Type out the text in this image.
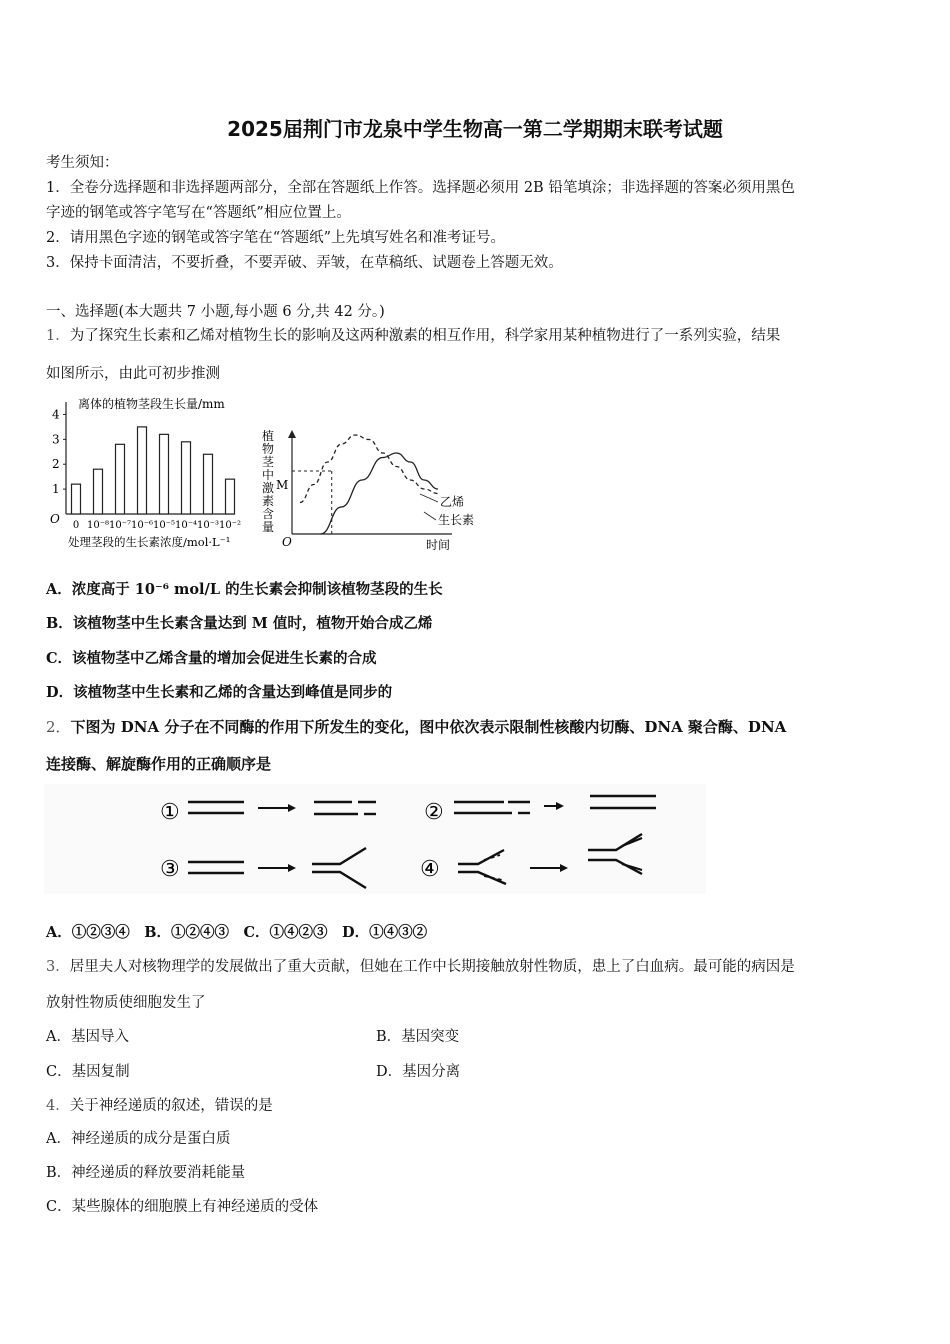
2025届荆门市龙泉中学生物高一第二学期期末联考试题
考生须知：
1．全卷分选择题和非选择题两部分，全部在答题纸上作答。选择题必须用 2B 铅笔填涂；非选择题的答案必须用黑色
字迹的钢笔或答字笔写在“答题纸”相应位置上。
2．请用黑色字迹的钢笔或答字笔在“答题纸”上先填写姓名和准考证号。
3．保持卡面清洁，不要折叠，不要弄破、弄皱，在草稿纸、试题卷上答题无效。
一、选择题(本大题共 7 小题,每小题 6 分,共 42 分。)
1．为了探究生长素和乙烯对植物生长的影响及这两种激素的相互作用，科学家用某种植物进行了一系列实验，结果
如图所示，由此可初步推测
离体的植物茎段生长量/mm
O
处理茎段的生长素浓度/mol·L⁻¹
1
2
3
4
0 10⁻⁸ 10⁻⁷ 10⁻⁶ 10⁻⁵ 10⁻⁴ 10⁻³ 10⁻²
O	时间
M
植
物
茎
中
激
素
含
量
乙烯
生长素
A．浓度高于 10⁻⁶ mol/L 的生长素会抑制该植物茎段的生长
B．该植物茎中生长素含量达到 M 值时，植物开始合成乙烯
C．该植物茎中乙烯含量的增加会促进生长素的合成
D．该植物茎中生长素和乙烯的含量达到峰值是同步的
2．下图为 DNA 分子在不同酶的作用下所发生的变化，图中依次表示限制性核酸内切酶、DNA 聚合酶、DNA
连接酶、解旋酶作用的正确顺序是
①	②
③	④
A．①②③④　B．①②④③　C．①④②③　D．①④③②
3．居里夫人对核物理学的发展做出了重大贡献，但她在工作中长期接触放射性物质，患上了白血病。最可能的病因是
放射性物质使细胞发生了
A．基因导入	B．基因突变
C．基因复制	D．基因分离
4．关于神经递质的叙述，错误的是
A．神经递质的成分是蛋白质
B．神经递质的释放要消耗能量
C．某些腺体的细胞膜上有神经递质的受体
